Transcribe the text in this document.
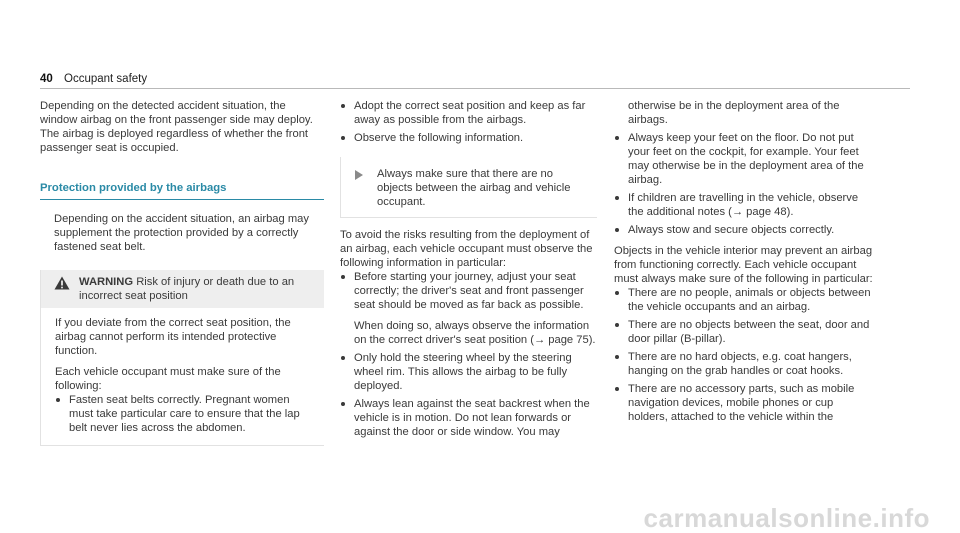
40 Occupant safety

Depending on the detected accident situation, the window airbag on the front passenger side may deploy. The airbag is deployed regardless of whether the front passenger seat is occupied.

Protection provided by the airbags

Depending on the accident situation, an airbag may supplement the protection provided by a correctly fastened seat belt.

WARNING Risk of injury or death due to an incorrect seat position

If you deviate from the correct seat position, the airbag cannot perform its intended protective function.

Each vehicle occupant must make sure of the following:

Fasten seat belts correctly. Pregnant women must take particular care to ensure that the lap belt never lies across the abdomen.
Adopt the correct seat position and keep as far away as possible from the airbags.
Observe the following information.

Always make sure that there are no objects between the airbag and vehicle occupant.

To avoid the risks resulting from the deployment of an airbag, each vehicle occupant must observe the following information in particular:

Before starting your journey, adjust your seat correctly; the driver's seat and front passenger seat should be moved as far back as possible.

When doing so, always observe the information on the correct driver's seat position (→ page 75).

Only hold the steering wheel by the steering wheel rim. This allows the airbag to be fully deployed.
Always lean against the seat backrest when the vehicle is in motion. Do not lean forwards or against the door or side window. You may

otherwise be in the deployment area of the airbags.

Always keep your feet on the floor. Do not put your feet on the cockpit, for example. Your feet may otherwise be in the deployment area of the airbag.
If children are travelling in the vehicle, observe the additional notes (→ page 48).
Always stow and secure objects correctly.

Objects in the vehicle interior may prevent an airbag from functioning correctly. Each vehicle occupant must always make sure of the following in particular:

There are no people, animals or objects between the vehicle occupants and an airbag.
There are no objects between the seat, door and door pillar (B-pillar).
There are no hard objects, e.g. coat hangers, hanging on the grab handles or coat hooks.
There are no accessory parts, such as mobile navigation devices, mobile phones or cup holders, attached to the vehicle within the
carmanualsonline.info
